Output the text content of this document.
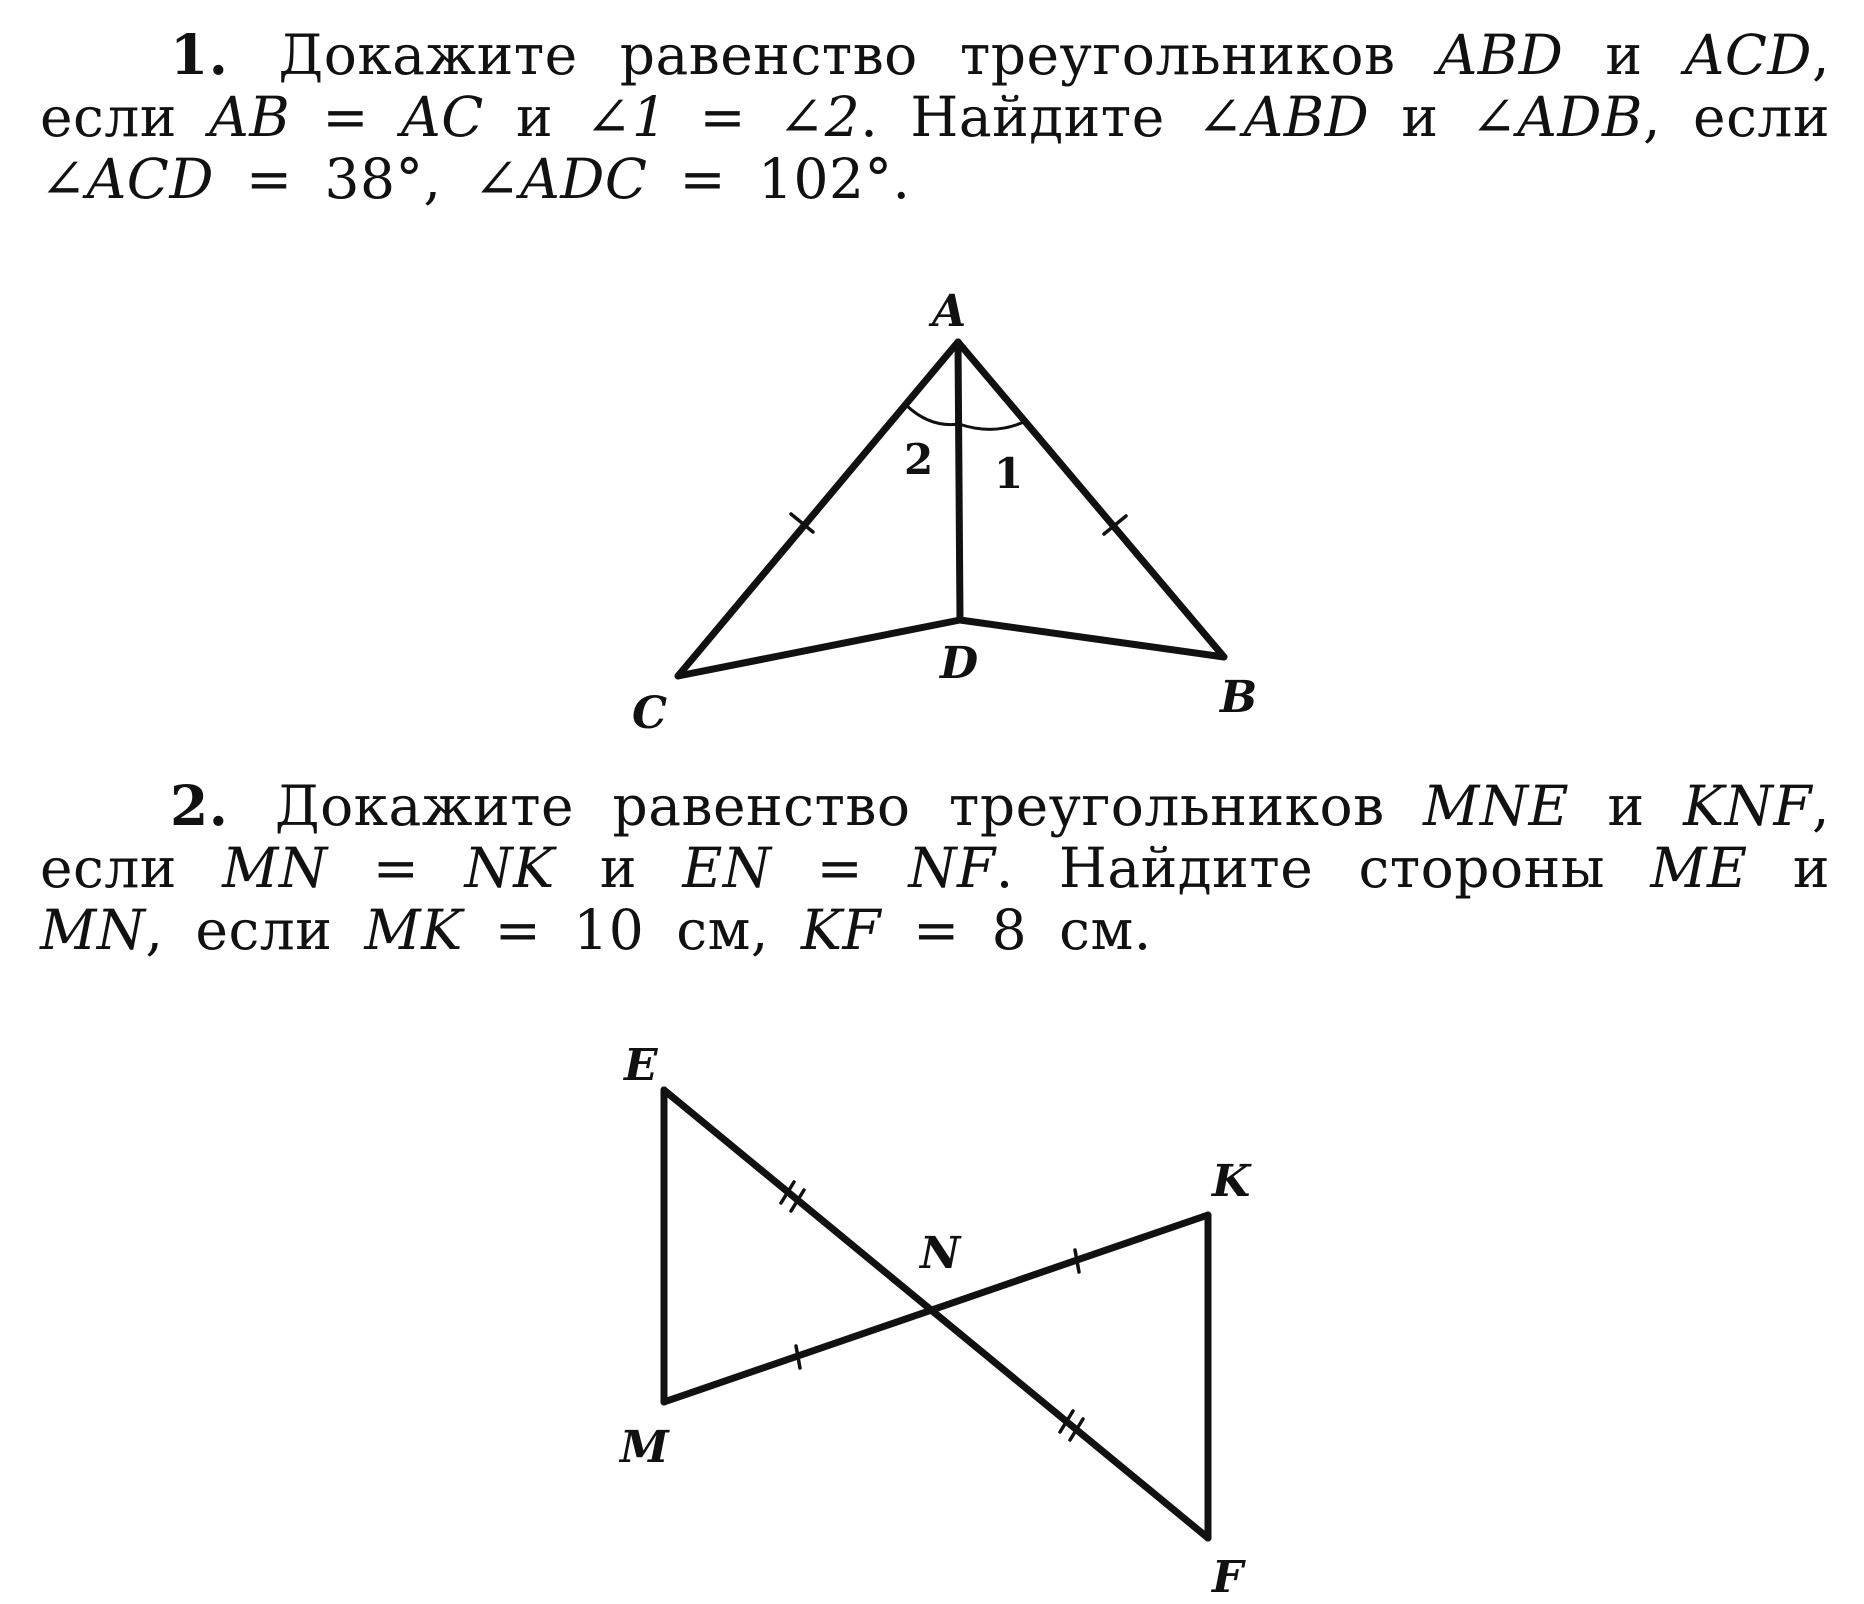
1. Докажите равенство треугольников ABD и ACD, если AB = AC и ∠1 = ∠2. Найдите ∠ABD и ∠ADB, если ∠ACD = 38°, ∠ADC = 102°.
2. Докажите равенство треугольников MNE и KNF, если MN = NK и EN = NF. Найдите стороны ME и MN, если MK = 10 см, KF = 8 см.
A
C	B
D
2 1
E
K
N
M
F
